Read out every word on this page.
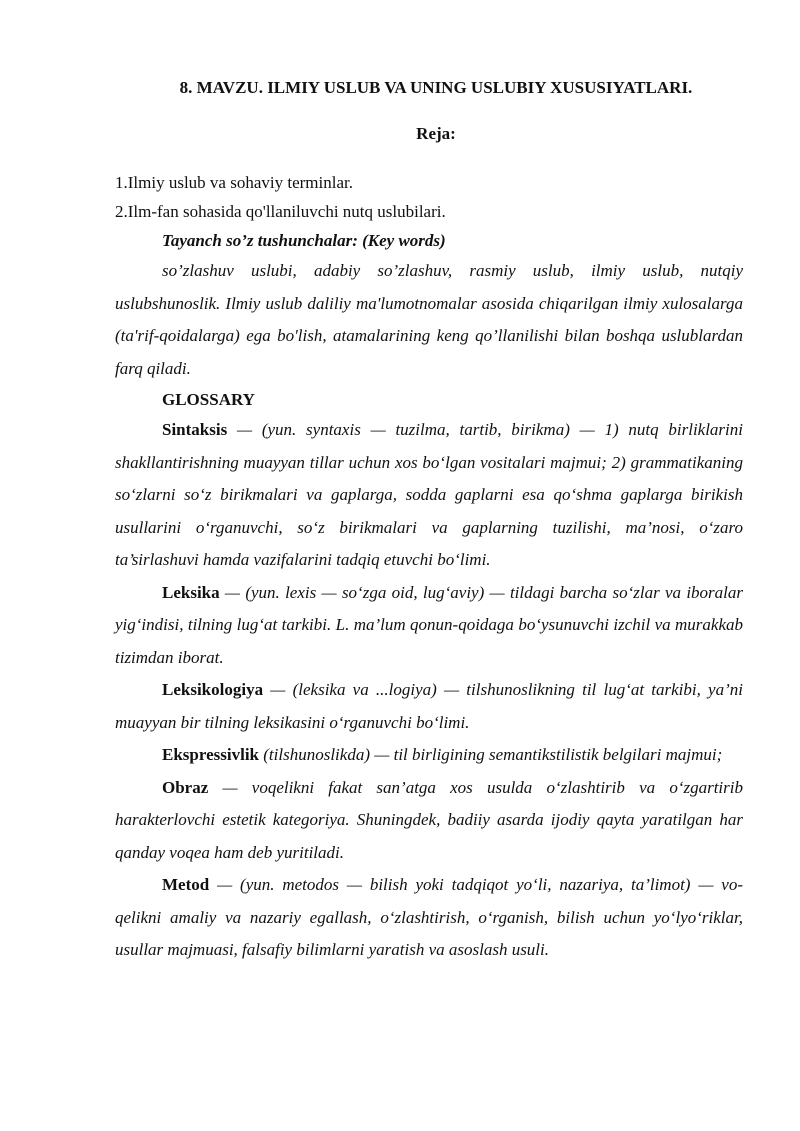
8. MAVZU. ILMIY USLUB VA UNING USLUBIY XUSUSIYATLARI.
Reja:

1.Ilmiy uslub va sohaviy terminlar.

2.Ilm-fan sohasida qo'llaniluvchi nutq uslubilari.

Tayanch so’z tushunchalar: (Key words)

so’zlashuv uslubi, adabiy so’zlashuv, rasmiy uslub, ilmiy uslub, nutqiy uslubshunoslik. Ilmiy uslub daliliy ma'lumotnomalar asosida chiqarilgan ilmiy xulosalarga (ta'rif-qoidalarga) ega bo'lish, atamalarining keng qo’llanilishi bilan boshqa uslublardan farq qiladi.

GLOSSARY

Sintaksis — (yun. syntaxis — tuzilma, tartib, birikma) — 1) nutq birliklarini shakllantirishning muayyan tillar uchun xos bo‘lgan vositalari majmui; 2) grammatikaning so‘zlarni so‘z birikmalari va gaplarga, sodda gaplarni esa qo‘shma gaplarga birikish usullarini o‘rganuvchi, so‘z birikmalari va gaplarning tuzilishi, ma’nosi, o‘zaro ta’sirlashuvi hamda vazifalarini tadqiq etuvchi bo‘limi.

Leksika — (yun. lexis — so‘zga oid, lug‘aviy) — tildagi barcha so‘zlar va iboralar yig‘indisi, tilning lug‘at tarkibi. L. ma’lum qonun-qoidaga bo‘ysunuvchi izchil va murakkab tizimdan iborat.

Leksikologiya — (leksika va ...logiya) — tilshunoslikning til lug‘at tarkibi, ya’ni muayyan bir tilning leksikasini o‘rganuvchi bo‘limi.

Ekspressivlik (tilshunoslikda) — til birligining semantikstilistik belgilari majmui;

Obraz — voqelikni fakat san’atga xos usulda o‘zlashtirib va o‘zgartirib harakterlovchi estetik kategoriya. Shuningdek, badiiy asarda ijodiy qayta yaratilgan har qanday voqea ham deb yuritiladi.

Metod — (yun. metodos — bilish yoki tadqiqot yo‘li, nazariya, ta’limot) — vo-qelikni amaliy va nazariy egallash, o‘zlashtirish, o‘rganish, bilish uchun yo‘lyo‘riklar, usullar majmuasi, falsafiy bilimlarni yaratish va asoslash usuli.
